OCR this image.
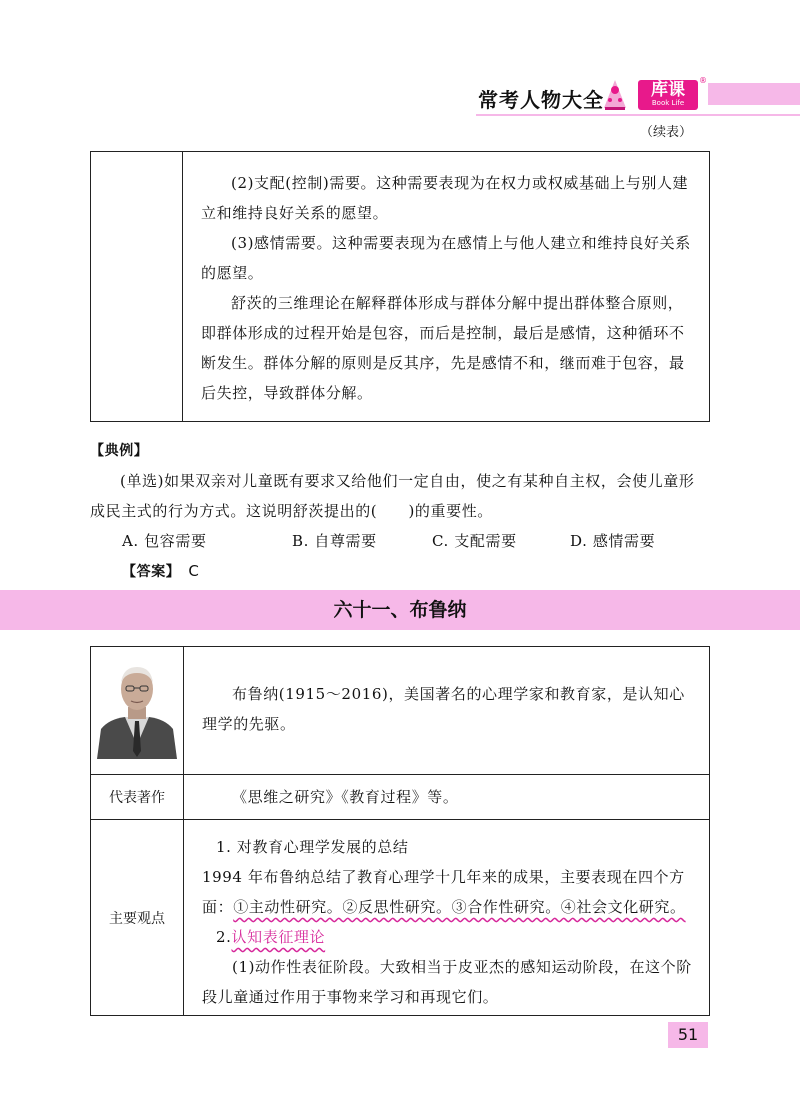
常考人物大全	库课
Book Life
®
（续表）

(2)支配(控制)需要。这种需要表现为在权力或权威基础上与别人建立和维持良好关系的愿望。

(3)感情需要。这种需要表现为在感情上与他人建立和维持良好关系的愿望。

舒茨的三维理论在解释群体形成与群体分解中提出群体整合原则，即群体形成的过程开始是包容，而后是控制，最后是感情，这种循环不断发生。群体分解的原则是反其序，先是感情不和，继而难于包容，最后失控，导致群体分解。

【典例】

(单选)如果双亲对儿童既有要求又给他们一定自由，使之有某种自主权，会使儿童形成民主式的行为方式。这说明舒茨提出的(　　)的重要性。

A. 包容需要	B. 自尊需要	C. 支配需要	D. 感情需要
【答案】 C
六十一、布鲁纳

布鲁纳(1915～2016)，美国著名的心理学家和教育家，是认知心理学的先驱。

代表著作	《思维之研究》《教育过程》等。

主要观点	1. 对教育心理学发展的总结

1994 年布鲁纳总结了教育心理学十几年来的成果，主要表现在四个方面：①主动性研究。②反思性研究。③合作性研究。④社会文化研究。

2.认知表征理论

(1)动作性表征阶段。大致相当于皮亚杰的感知运动阶段，在这个阶段儿童通过作用于事物来学习和再现它们。

51
